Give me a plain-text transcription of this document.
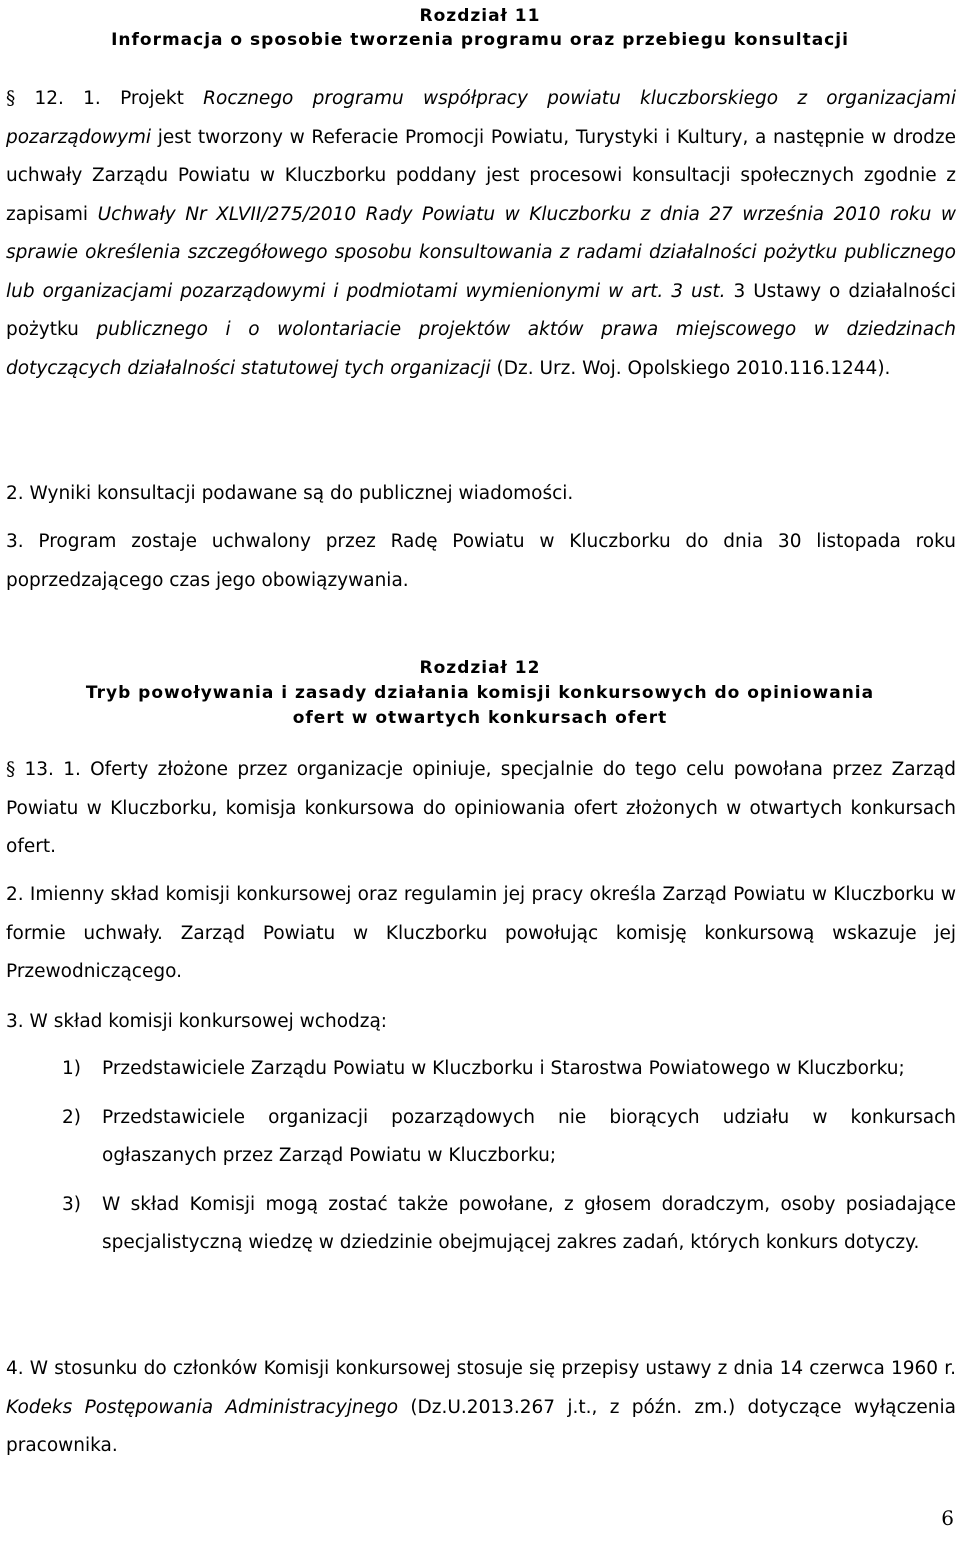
Rozdział 11
Informacja o sposobie tworzenia programu oraz przebiegu konsultacji

§ 12. 1. Projekt Rocznego programu współpracy powiatu kluczborskiego z organizacjami pozarządowymi jest tworzony w Referacie Promocji Powiatu, Turystyki i Kultury, a następnie w drodze uchwały Zarządu Powiatu w Kluczborku poddany jest procesowi konsultacji społecznych zgodnie z zapisami Uchwały Nr XLVII/275/2010 Rady Powiatu w Kluczborku z dnia 27 września 2010 roku w sprawie określenia szczegółowego sposobu konsultowania z radami działalności pożytku publicznego lub organizacjami pozarządowymi i podmiotami wymienionymi w art. 3 ust. 3 Ustawy o działalności pożytku publicznego i o wolontariacie projektów aktów prawa miejscowego w dziedzinach dotyczących działalności statutowej tych organizacji (Dz. Urz. Woj. Opolskiego 2010.116.1244).

2. Wyniki konsultacji podawane są do publicznej wiadomości.

3. Program zostaje uchwalony przez Radę Powiatu w Kluczborku do dnia 30 listopada roku poprzedzającego czas jego obowiązywania.

Rozdział 12
Tryb powoływania i zasady działania komisji konkursowych do opiniowania
ofert w otwartych konkursach ofert

§ 13. 1. Oferty złożone przez organizacje opiniuje, specjalnie do tego celu powołana przez Zarząd Powiatu w Kluczborku, komisja konkursowa do opiniowania ofert złożonych w otwartych konkursach ofert.

2. Imienny skład komisji konkursowej oraz regulamin jej pracy określa Zarząd Powiatu w Kluczborku w formie uchwały. Zarząd Powiatu w Kluczborku powołując komisję konkursową wskazuje jej Przewodniczącego.

3. W skład komisji konkursowej wchodzą:

1)	Przedstawiciele Zarządu Powiatu w Kluczborku i Starostwa Powiatowego w Kluczborku;
2)	Przedstawiciele organizacji pozarządowych nie biorących udziału w konkursach ogłaszanych przez Zarząd Powiatu w Kluczborku;
3)	W skład Komisji mogą zostać także powołane, z głosem doradczym, osoby posiadające specjalistyczną wiedzę w dziedzinie obejmującej zakres zadań, których konkurs dotyczy.

4. W stosunku do członków Komisji konkursowej stosuje się przepisy ustawy z dnia 14 czerwca 1960 r. Kodeks Postępowania Administracyjnego (Dz.U.2013.267 j.t., z późn. zm.) dotyczące wyłączenia pracownika.

6
